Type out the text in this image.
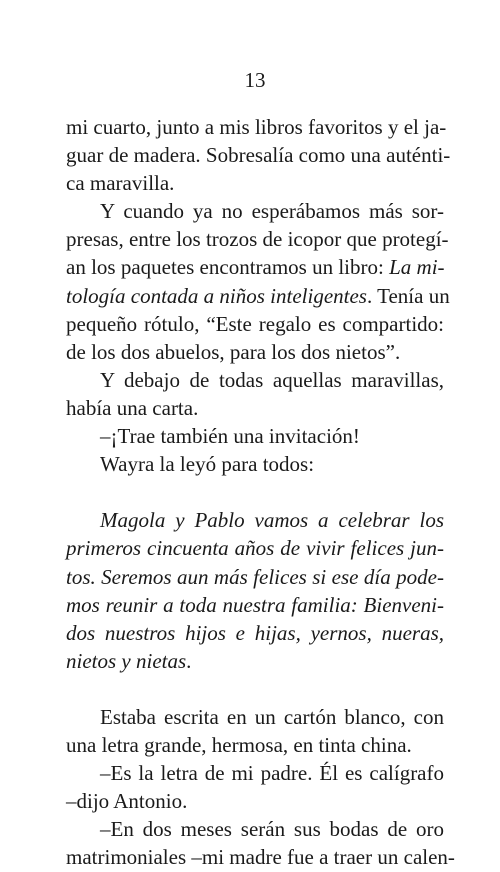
13
mi cuarto, junto a mis libros favoritos y el ja-
guar de madera. Sobresalía como una auténti-
ca maravilla.
Y cuando ya no esperábamos más sor-
presas, entre los trozos de icopor que protegí-
an los paquetes encontramos un libro: La mi-
tología contada a niños inteligentes. Tenía un
pequeño rótulo, “Este regalo es compartido:
de los dos abuelos, para los dos nietos”.
Y debajo de todas aquellas maravillas,
había una carta.
–¡Trae también una invitación!
Wayra la leyó para todos:
Magola y Pablo vamos a celebrar los
primeros cincuenta años de vivir felices jun-
tos. Seremos aun más felices si ese día pode-
mos reunir a toda nuestra familia: Bienveni-
dos nuestros hijos e hijas, yernos, nueras,
nietos y nietas.
Estaba escrita en un cartón blanco, con
una letra grande, hermosa, en tinta china.
–Es la letra de mi padre. Él es calígrafo
–dijo Antonio.
–En dos meses serán sus bodas de oro
matrimoniales –mi madre fue a traer un calen-
